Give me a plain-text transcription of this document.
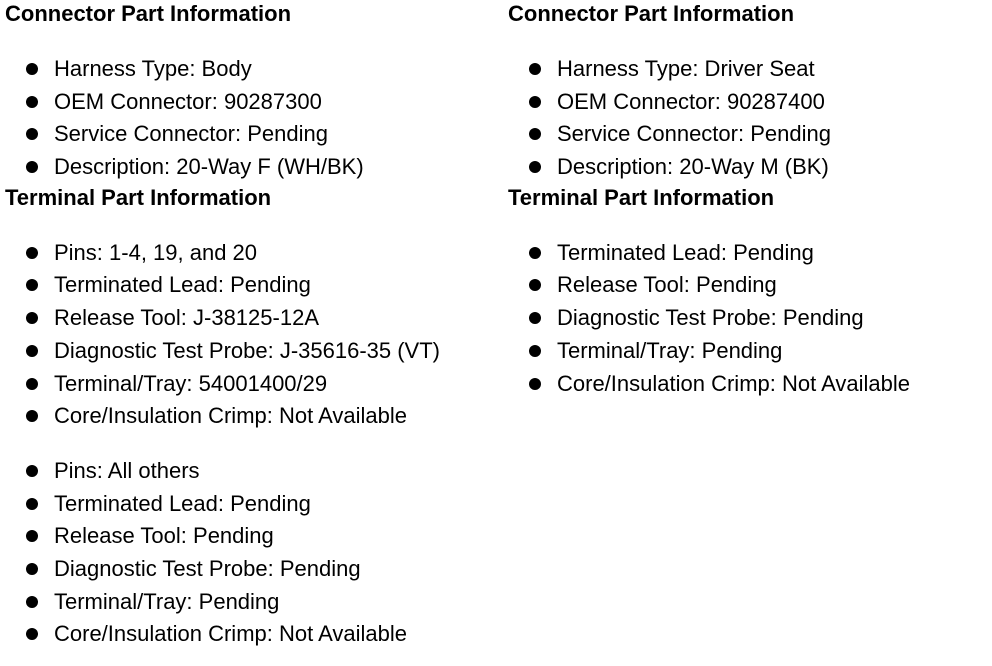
Connector Part Information
Harness Type: Body
OEM Connector: 90287300
Service Connector: Pending
Description: 20-Way F (WH/BK)
Terminal Part Information
Pins: 1-4, 19, and 20
Terminated Lead: Pending
Release Tool: J-38125-12A
Diagnostic Test Probe: J-35616-35 (VT)
Terminal/Tray: 54001400/29
Core/Insulation Crimp: Not Available
Pins: All others
Terminated Lead: Pending
Release Tool: Pending
Diagnostic Test Probe: Pending
Terminal/Tray: Pending
Core/Insulation Crimp: Not Available
Connector Part Information
Harness Type: Driver Seat
OEM Connector: 90287400
Service Connector: Pending
Description: 20-Way M (BK)
Terminal Part Information
Terminated Lead: Pending
Release Tool: Pending
Diagnostic Test Probe: Pending
Terminal/Tray: Pending
Core/Insulation Crimp: Not Available
